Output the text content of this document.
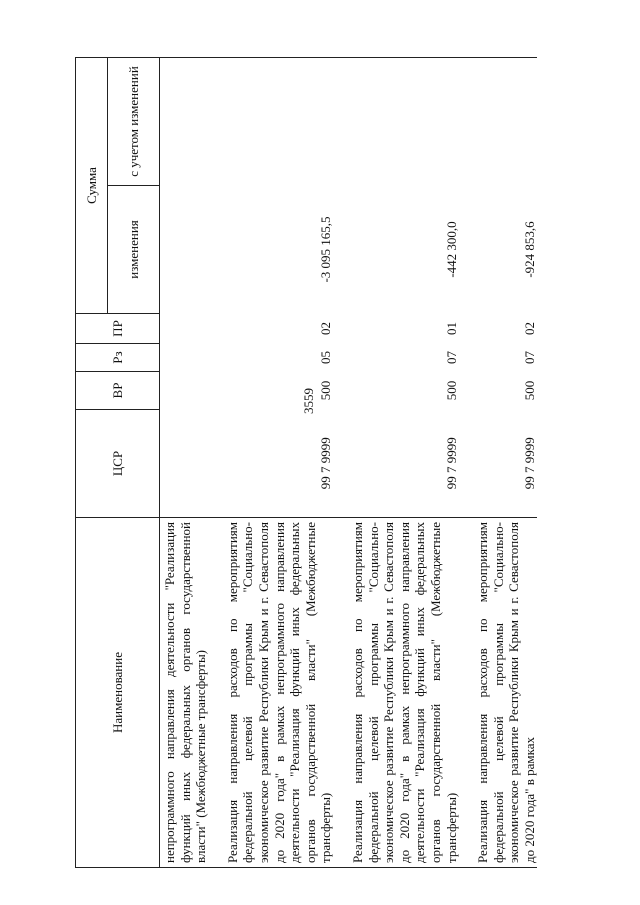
3559
Наименование	ЦСР	ВР	Рз	ПР	Сумма	
					изменения	с учетом изменений
непрограммного направления деятельности "Реализация функций иных федеральных органов государственной власти" (Межбюджетные трансферты)						
Реализация направления расходов по мероприятиям федеральной целевой программы "Социально-экономическое развитие Республики Крым и г. Севастополя до 2020 года" в рамках непрограммного направления деятельности "Реализация функций иных федеральных органов государственной власти" (Межбюджетные трансферты)	99 7 9999	500	05	02	-3 095 165,5	
Реализация направления расходов по мероприятиям федеральной целевой программы "Социально-экономическое развитие Республики Крым и г. Севастополя до 2020 года" в рамках непрограммного направления деятельности "Реализация функций иных федеральных органов государственной власти" (Межбюджетные трансферты)	99 7 9999	500	07	01	-442 300,0	
Реализация направления расходов по мероприятиям федеральной целевой программы "Социально-экономическое развитие Республики Крым и г. Севастополя до 2020 года" в рамках	99 7 9999	500	07	02	-924 853,6	
